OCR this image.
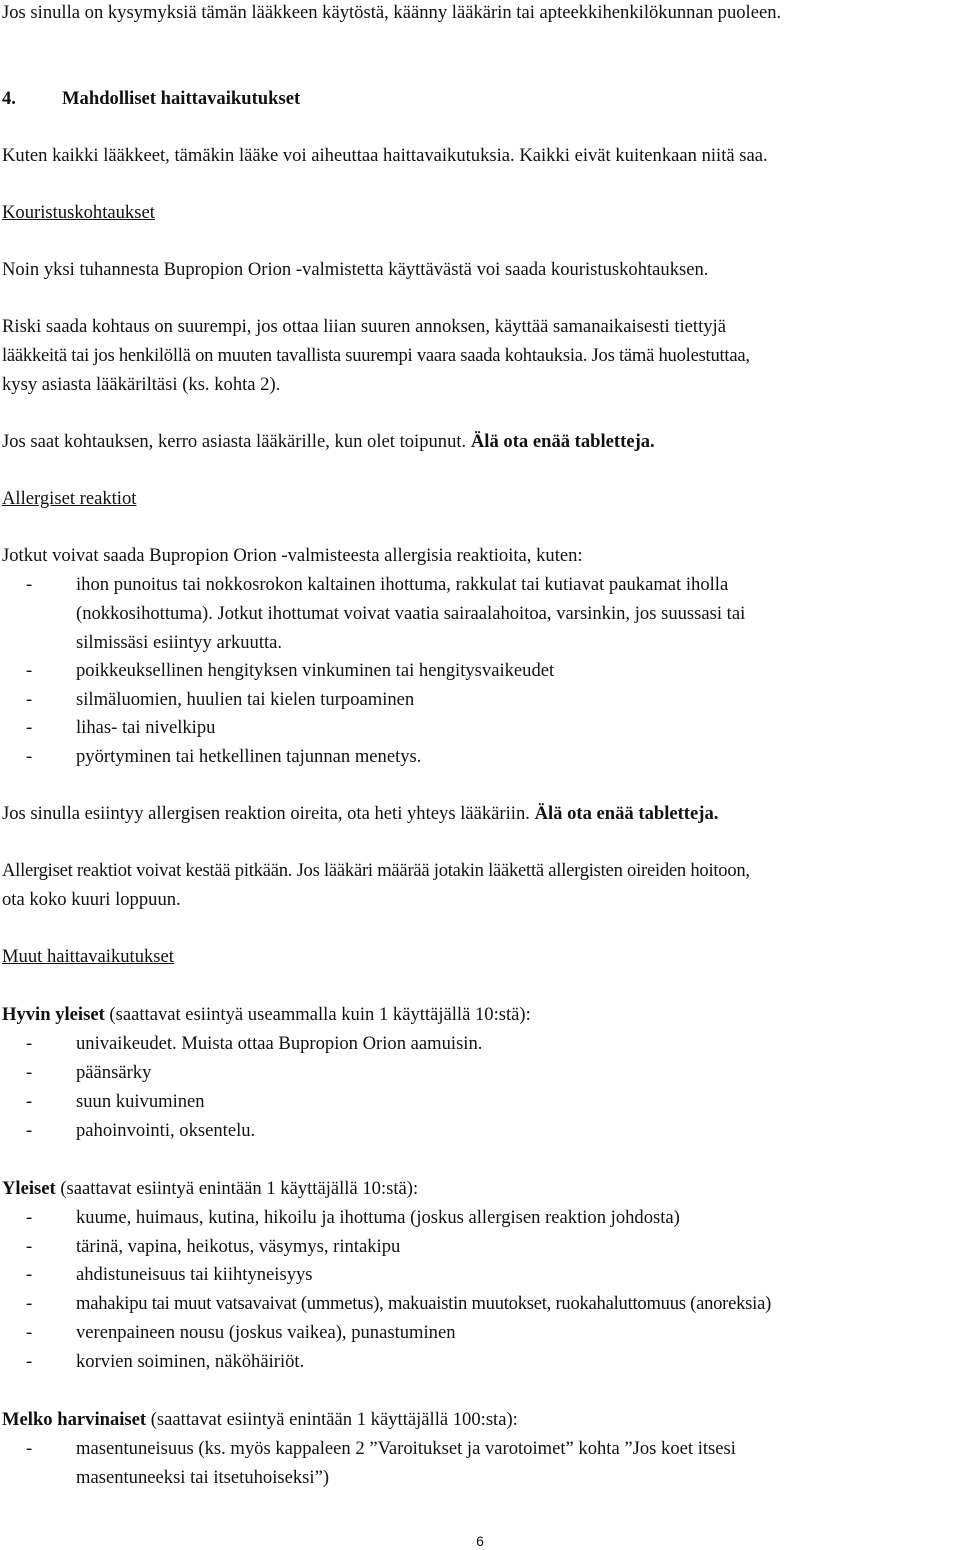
Jos sinulla on kysymyksiä tämän lääkkeen käytöstä, käänny lääkärin tai apteekkihenkilökunnan puoleen.
4. Mahdolliset haittavaikutukset
Kuten kaikki lääkkeet, tämäkin lääke voi aiheuttaa haittavaikutuksia. Kaikki eivät kuitenkaan niitä saa.
Kouristuskohtaukset
Noin yksi tuhannesta Bupropion Orion -valmistetta käyttävästä voi saada kouristuskohtauksen.
Riski saada kohtaus on suurempi, jos ottaa liian suuren annoksen, käyttää samanaikaisesti tiettyjä
lääkkeitä tai jos henkilöllä on muuten tavallista suurempi vaara saada kohtauksia. Jos tämä huolestuttaa,
kysy asiasta lääkäriltäsi (ks. kohta 2).
Jos saat kohtauksen, kerro asiasta lääkärille, kun olet toipunut. Älä ota enää tabletteja.
Allergiset reaktiot
Jotkut voivat saada Bupropion Orion -valmisteesta allergisia reaktioita, kuten:
- ihon punoitus tai nokkosrokon kaltainen ihottuma, rakkulat tai kutiavat paukamat iholla
(nokkosihottuma). Jotkut ihottumat voivat vaatia sairaalahoitoa, varsinkin, jos suussasi tai
silmissäsi esiintyy arkuutta.
- poikkeuksellinen hengityksen vinkuminen tai hengitysvaikeudet
- silmäluomien, huulien tai kielen turpoaminen
- lihas- tai nivelkipu
- pyörtyminen tai hetkellinen tajunnan menetys.
Jos sinulla esiintyy allergisen reaktion oireita, ota heti yhteys lääkäriin. Älä ota enää tabletteja.
Allergiset reaktiot voivat kestää pitkään. Jos lääkäri määrää jotakin lääkettä allergisten oireiden hoitoon,
ota koko kuuri loppuun.
Muut haittavaikutukset
Hyvin yleiset (saattavat esiintyä useammalla kuin 1 käyttäjällä 10:stä):
- univaikeudet. Muista ottaa Bupropion Orion aamuisin.
- päänsärky
- suun kuivuminen
- pahoinvointi, oksentelu.
Yleiset (saattavat esiintyä enintään 1 käyttäjällä 10:stä):
- kuume, huimaus, kutina, hikoilu ja ihottuma (joskus allergisen reaktion johdosta)
- tärinä, vapina, heikotus, väsymys, rintakipu
- ahdistuneisuus tai kiihtyneisyys
- mahakipu tai muut vatsavaivat (ummetus), makuaistin muutokset, ruokahaluttomuus (anoreksia)
- verenpaineen nousu (joskus vaikea), punastuminen
- korvien soiminen, näköhäiriöt.
Melko harvinaiset (saattavat esiintyä enintään 1 käyttäjällä 100:sta):
- masentuneisuus (ks. myös kappaleen 2 ”Varoitukset ja varotoimet” kohta ”Jos koet itsesi
masentuneeksi tai itsetuhoiseksi”)
6
